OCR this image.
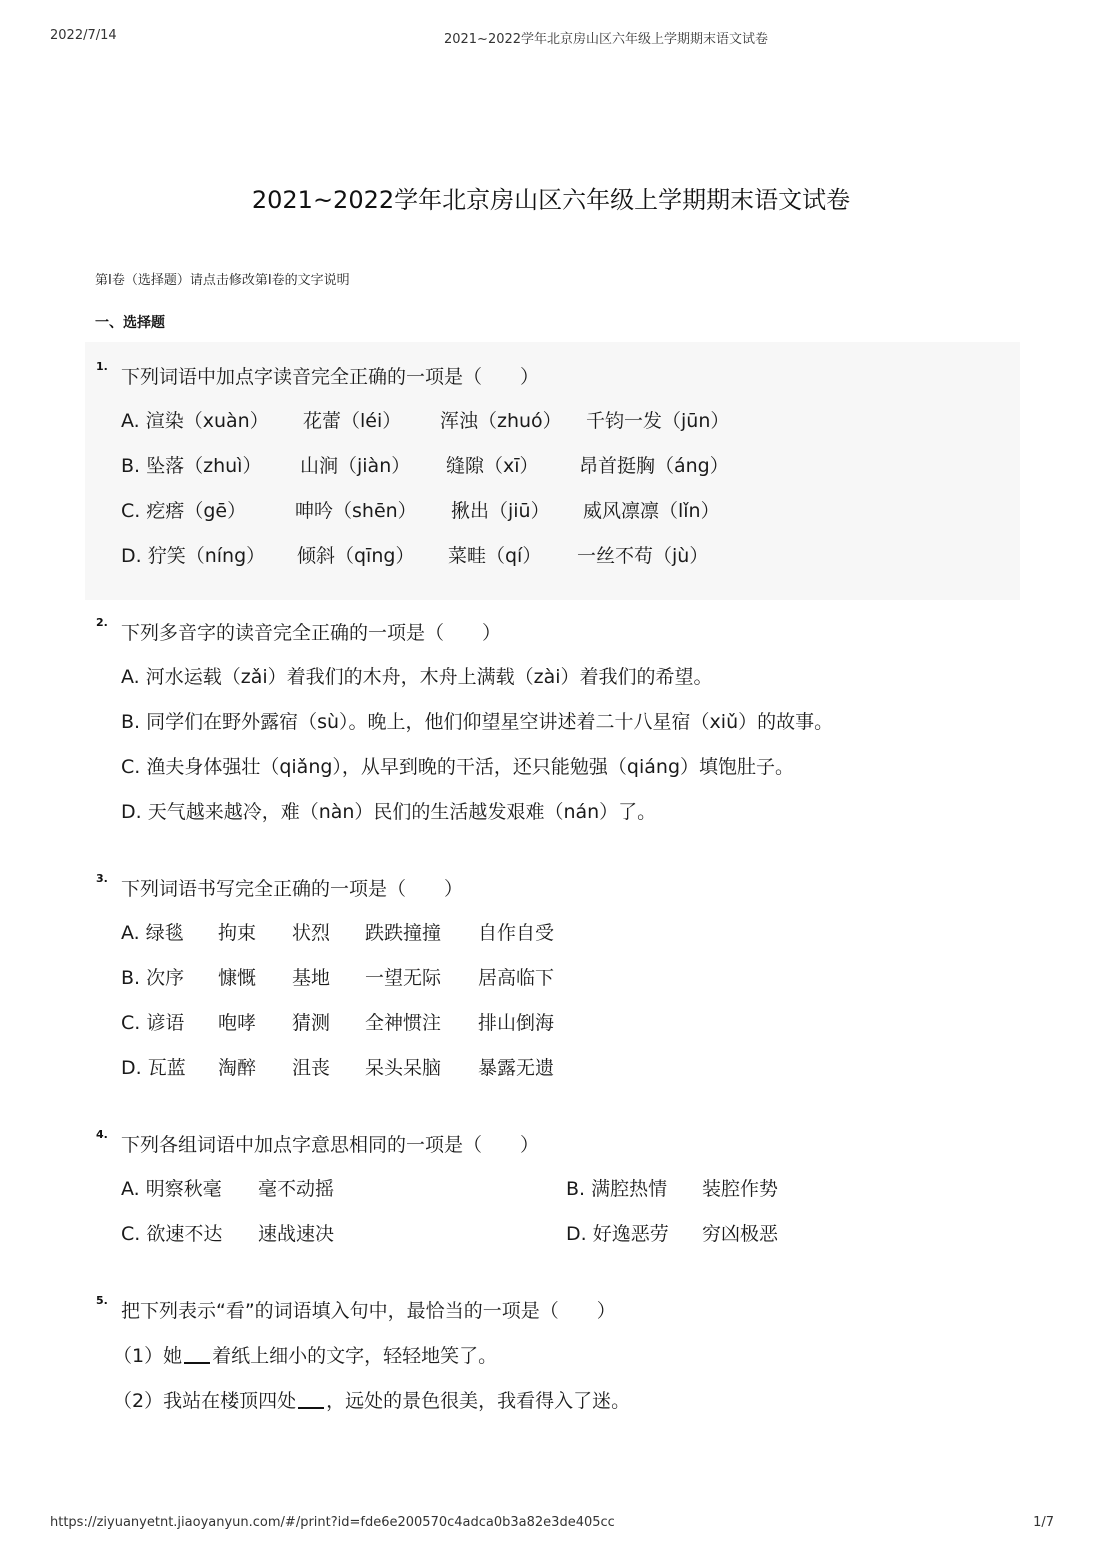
2022/7/14	2021~2022学年北京房山区六年级上学期期末语文试卷
2021~2022学年北京房山区六年级上学期期末语文试卷
第Ⅰ卷（选择题）请点击修改第Ⅰ卷的文字说明
一、选择题
1. 下列词语中加点字读音完全正确的一项是（　　）
A. 渲染（xuàn） 花蕾（léi） 浑浊（zhuó） 千钧一发（jūn）
B. 坠落（zhuì） 山涧（jiàn） 缝隙（xī） 昂首挺胸（áng）
C. 疙瘩（gē）	呻吟（shēn） 揪出（jiū） 威风凛凛（lǐn）
D. 狞笑（níng） 倾斜（qīng） 菜畦（qí） 一丝不苟（jù）
2. 下列多音字的读音完全正确的一项是（　　）
A. 河水运载（zǎi）着我们的木舟，木舟上满载（zài）着我们的希望。
B. 同学们在野外露宿（sù）。晚上，他们仰望星空讲述着二十八星宿（xiǔ）的故事。
C. 渔夫身体强壮（qiǎng），从早到晚的干活，还只能勉强（qiáng）填饱肚子。
D. 天气越来越冷，难（nàn）民们的生活越发艰难（nán）了。
3. 下列词语书写完全正确的一项是（　　）
A. 绿毯 拘束 状烈 跌跌撞撞 自作自受
B. 次序 慷慨 基地 一望无际 居高临下
C. 谚语 咆哮 猜测 全神惯注 排山倒海
D. 瓦蓝 淘醉 沮丧 呆头呆脑 暴露无遗
4. 下列各组词语中加点字意思相同的一项是（　　）
A. 明察秋毫 毫不动摇	B. 满腔热情 装腔作势
C. 欲速不达 速战速决	D. 好逸恶劳 穷凶极恶
5. 把下列表示“看”的词语填入句中，最恰当的一项是（　　）
（1）她 着纸上细小的文字，轻轻地笑了。
（2）我站在楼顶四处 ，远处的景色很美，我看得入了迷。
https://ziyuanyetnt.jiaoyanyun.com/#/print?id=fde6e200570c4adca0b3a82e3de405cc	1/7
